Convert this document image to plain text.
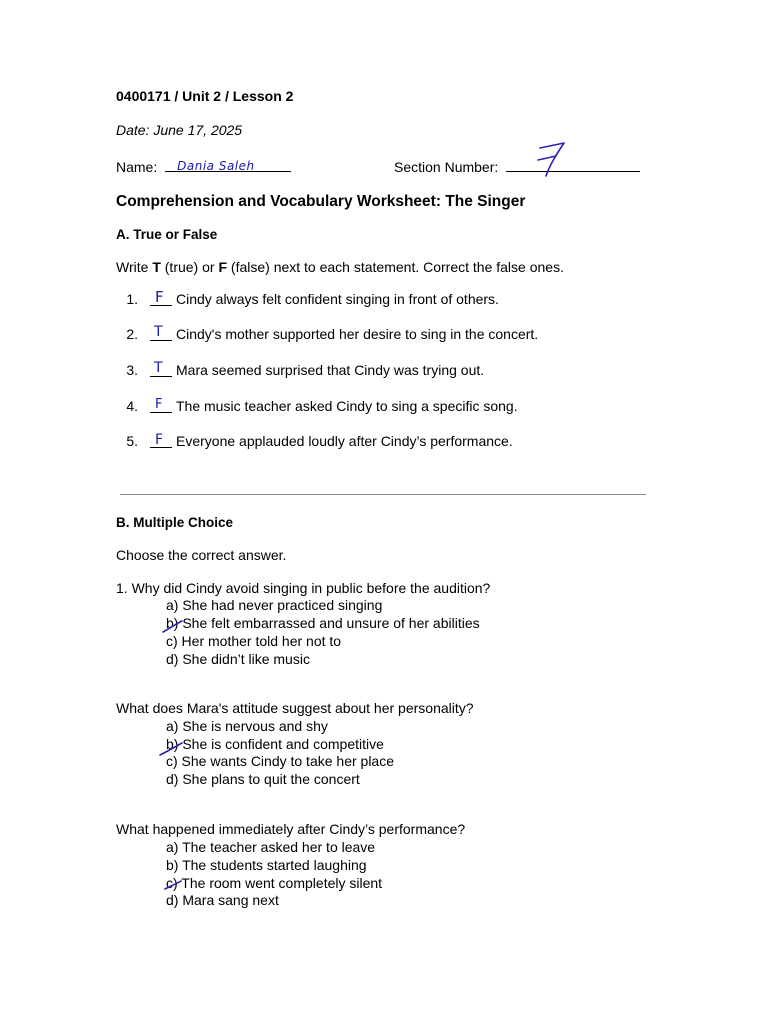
0400171 / Unit 2 / Lesson 2
Date: June 17, 2025
Name: Dania Saleh	Section Number:
Comprehension and Vocabulary Worksheet: The Singer
A. True or False
Write T (true) or F (false) next to each statement. Correct the false ones.
1. F Cindy always felt confident singing in front of others.
2. T Cindy's mother supported her desire to sing in the concert.
3. T Mara seemed surprised that Cindy was trying out.
4. F The music teacher asked Cindy to sing a specific song.
5. F Everyone applauded loudly after Cindy’s performance.
B. Multiple Choice
Choose the correct answer.
1. Why did Cindy avoid singing in public before the audition?
a) She had never practiced singing
b) She felt embarrassed and unsure of her abilities
c) Her mother told her not to
d) She didn’t like music
What does Mara's attitude suggest about her personality?
a) She is nervous and shy
b) She is confident and competitive
c) She wants Cindy to take her place
d) She plans to quit the concert
What happened immediately after Cindy’s performance?
a) The teacher asked her to leave
b) The students started laughing
c) The room went completely silent
d) Mara sang next
